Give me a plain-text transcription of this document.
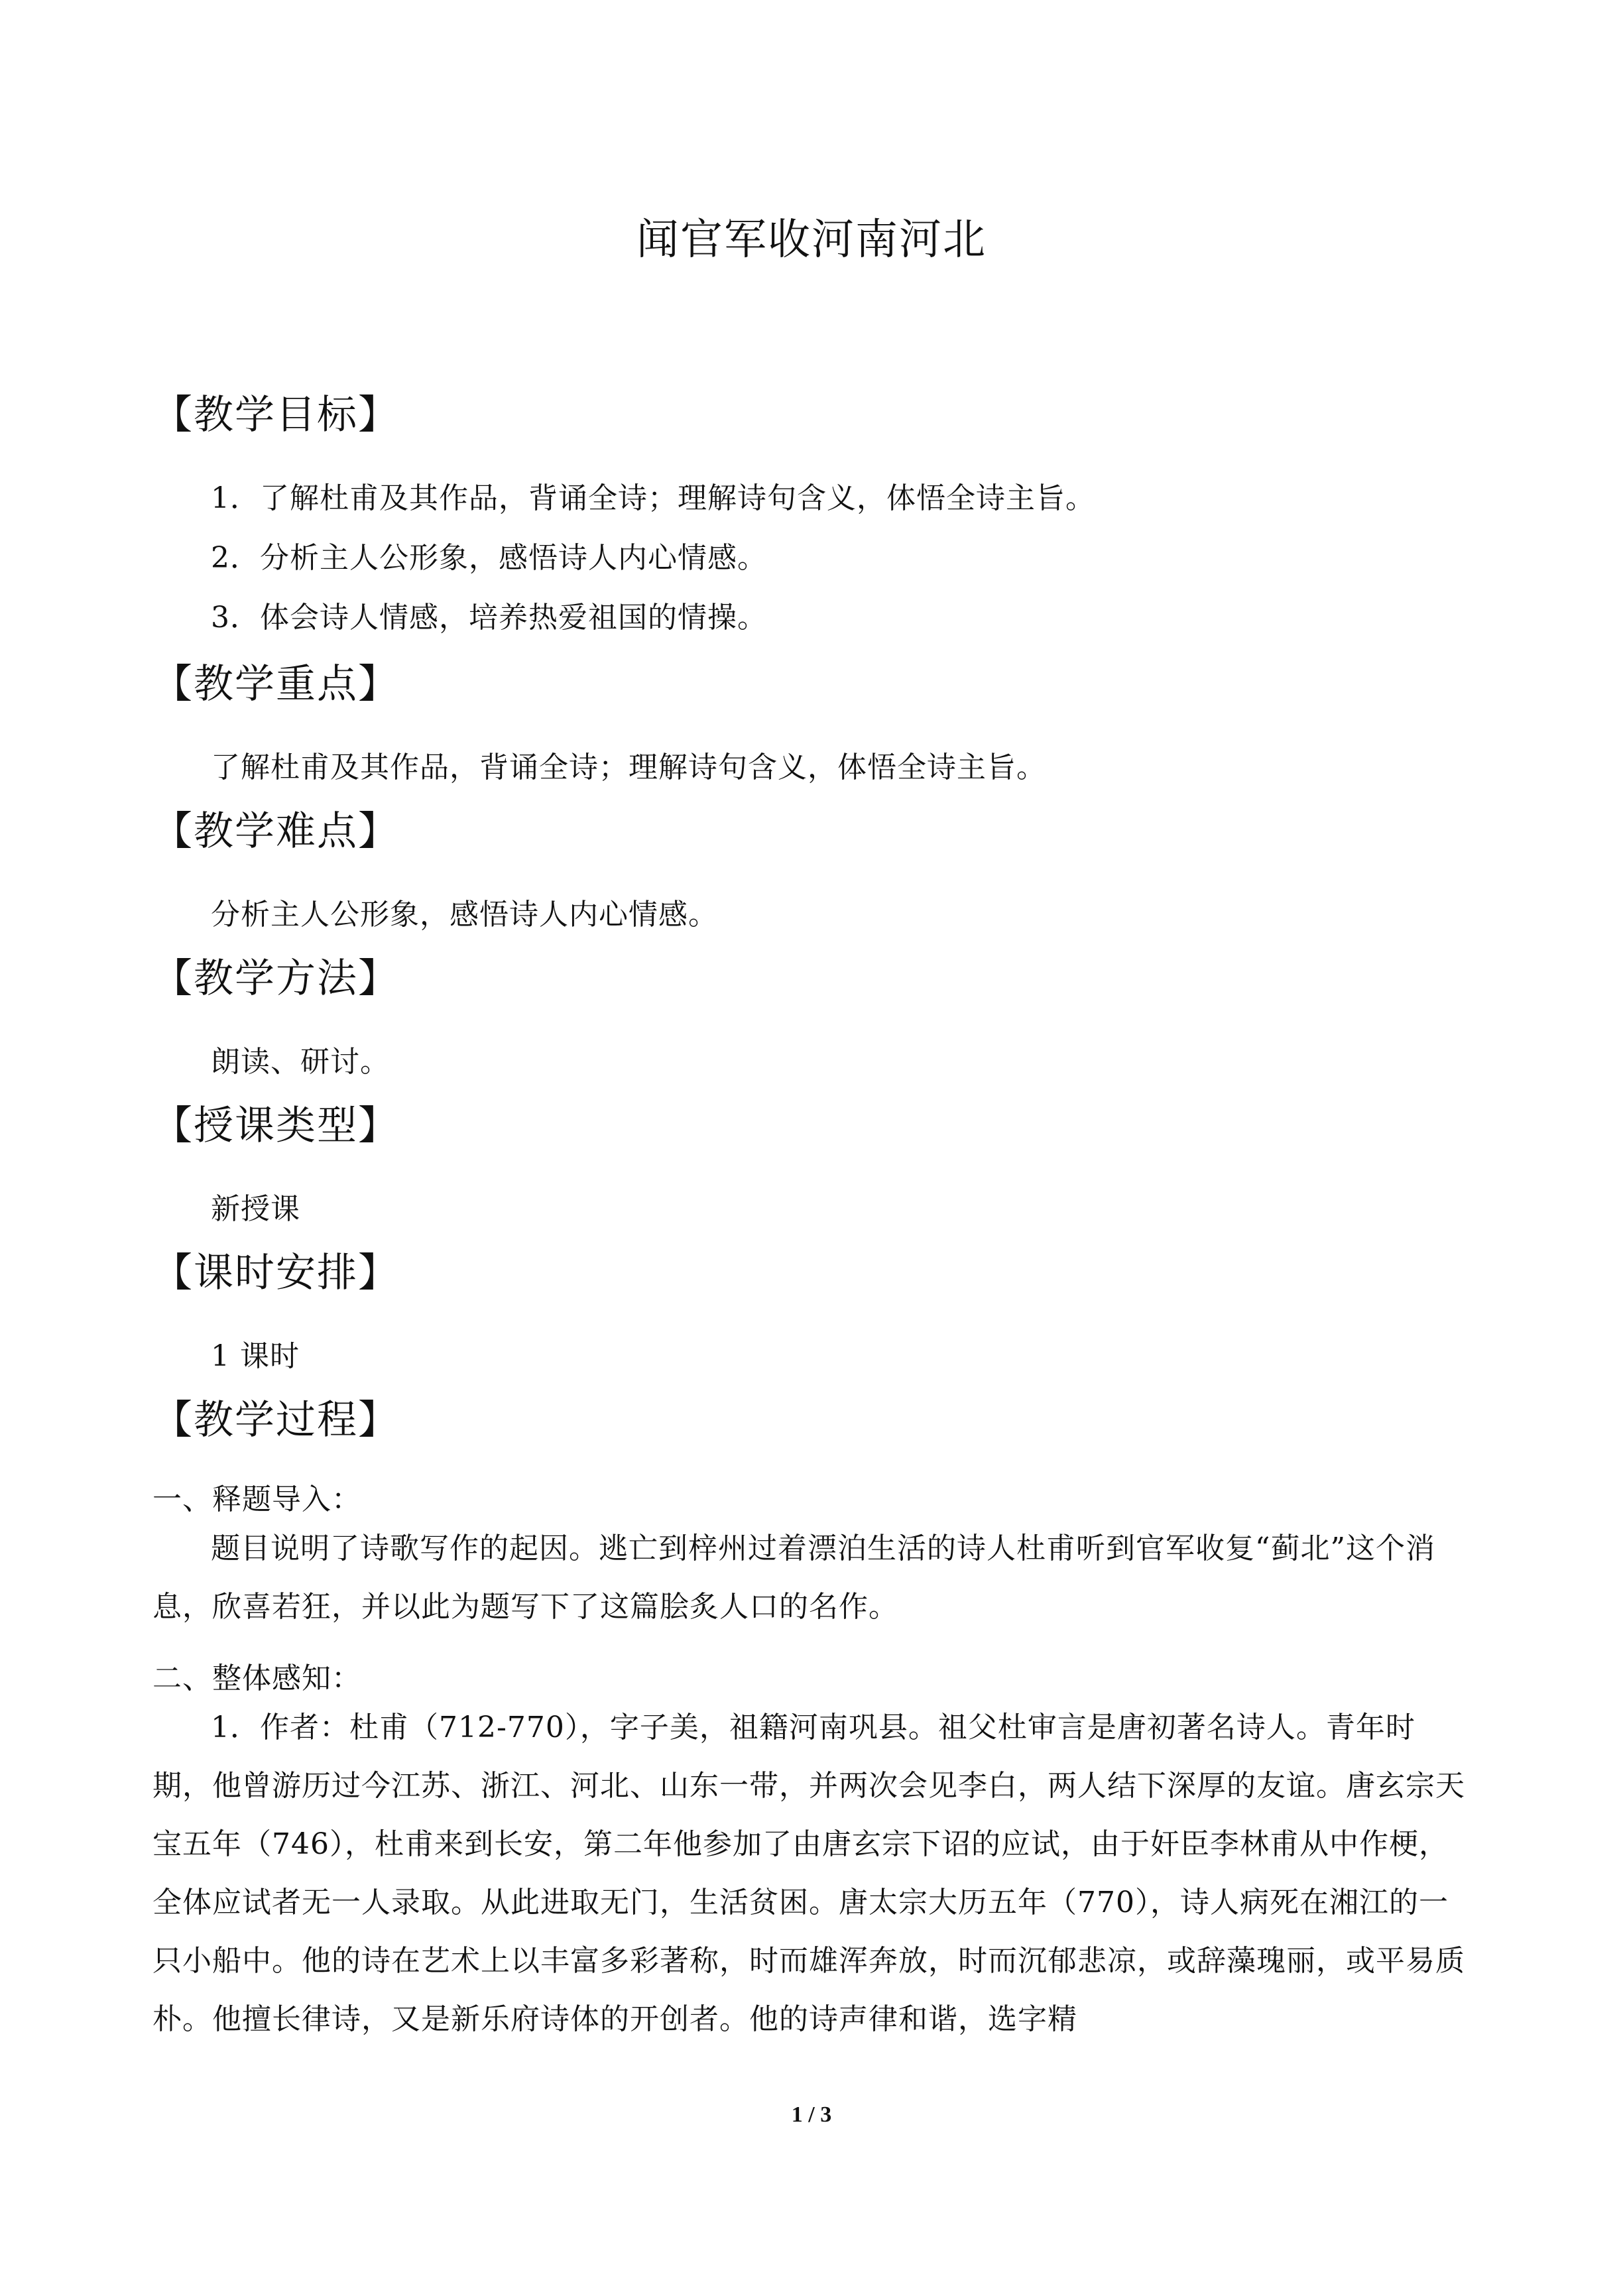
闻官军收河南河北
【教学目标】
1．了解杜甫及其作品，背诵全诗；理解诗句含义，体悟全诗主旨。
2．分析主人公形象，感悟诗人内心情感。
3．体会诗人情感，培养热爱祖国的情操。
【教学重点】
了解杜甫及其作品，背诵全诗；理解诗句含义，体悟全诗主旨。
【教学难点】
分析主人公形象，感悟诗人内心情感。
【教学方法】
朗读、研讨。
【授课类型】
新授课
【课时安排】
1 课时
【教学过程】
一、释题导入：
题目说明了诗歌写作的起因。逃亡到梓州过着漂泊生活的诗人杜甫听到官军收复“蓟北”这个消息，欣喜若狂，并以此为题写下了这篇脍炙人口的名作。
二、整体感知：
1．作者：杜甫（712-770），字子美，祖籍河南巩县。祖父杜审言是唐初著名诗人。青年时期，他曾游历过今江苏、浙江、河北、山东一带，并两次会见李白，两人结下深厚的友谊。唐玄宗天宝五年（746），杜甫来到长安，第二年他参加了由唐玄宗下诏的应试，由于奸臣李林甫从中作梗，全体应试者无一人录取。从此进取无门，生活贫困。唐太宗大历五年（770），诗人病死在湘江的一只小船中。他的诗在艺术上以丰富多彩著称，时而雄浑奔放，时而沉郁悲凉，或辞藻瑰丽，或平易质朴。他擅长律诗，又是新乐府诗体的开创者。他的诗声律和谐，选字精
1 / 3
